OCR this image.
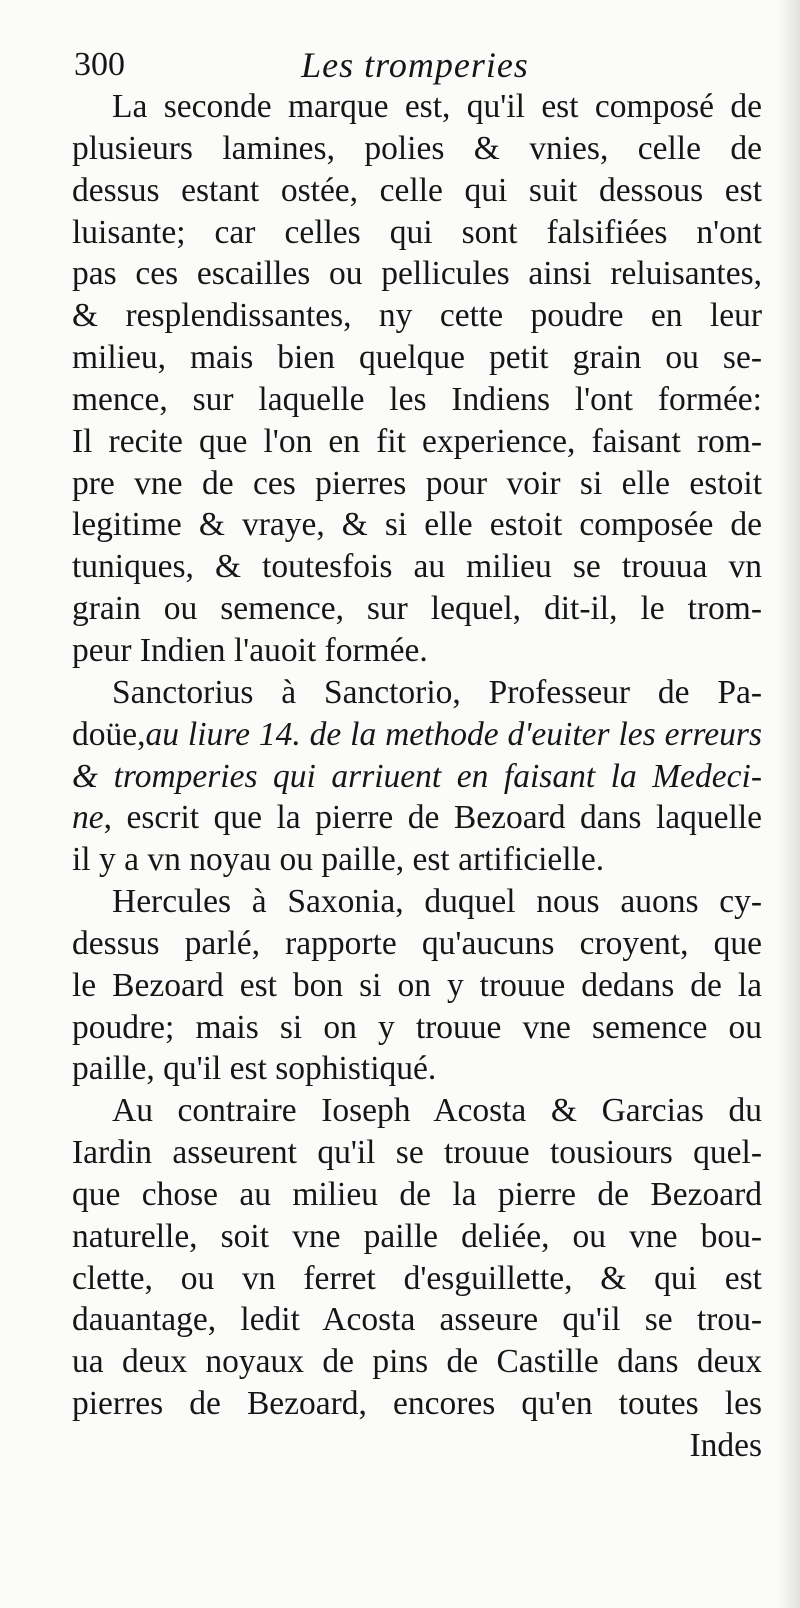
300	Les tromperies
La seconde marque est, qu'il est composé de
plusieurs lamines, polies & vnies, celle de
dessus estant ostée, celle qui suit dessous est
luisante; car celles qui sont falsifiées n'ont
pas ces escailles ou pellicules ainsi reluisantes,
& resplendissantes, ny cette poudre en leur
milieu, mais bien quelque petit grain ou se-
mence, sur laquelle les Indiens l'ont formée:
Il recite que l'on en fit experience, faisant rom-
pre vne de ces pierres pour voir si elle estoit
legitime & vraye, & si elle estoit composée de
tuniques, & toutesfois au milieu se trouua vn
grain ou semence, sur lequel, dit-il, le trom-
peur Indien l'auoit formée.
Sanctorius à Sanctorio, Professeur de Pa-
doüe,au liure 14. de la methode d'euiter les erreurs
& tromperies qui arriuent en faisant la Medeci-
ne, escrit que la pierre de Bezoard dans laquelle
il y a vn noyau ou paille, est artificielle.
Hercules à Saxonia, duquel nous auons cy-
dessus parlé, rapporte qu'aucuns croyent, que
le Bezoard est bon si on y trouue dedans de la
poudre; mais si on y trouue vne semence ou
paille, qu'il est sophistiqué.
Au contraire Ioseph Acosta & Garcias du
Iardin asseurent qu'il se trouue tousiours quel-
que chose au milieu de la pierre de Bezoard
naturelle, soit vne paille deliée, ou vne bou-
clette, ou vn ferret d'esguillette, & qui est
dauantage, ledit Acosta asseure qu'il se trou-
ua deux noyaux de pins de Castille dans deux
pierres de Bezoard, encores qu'en toutes les
Indes
